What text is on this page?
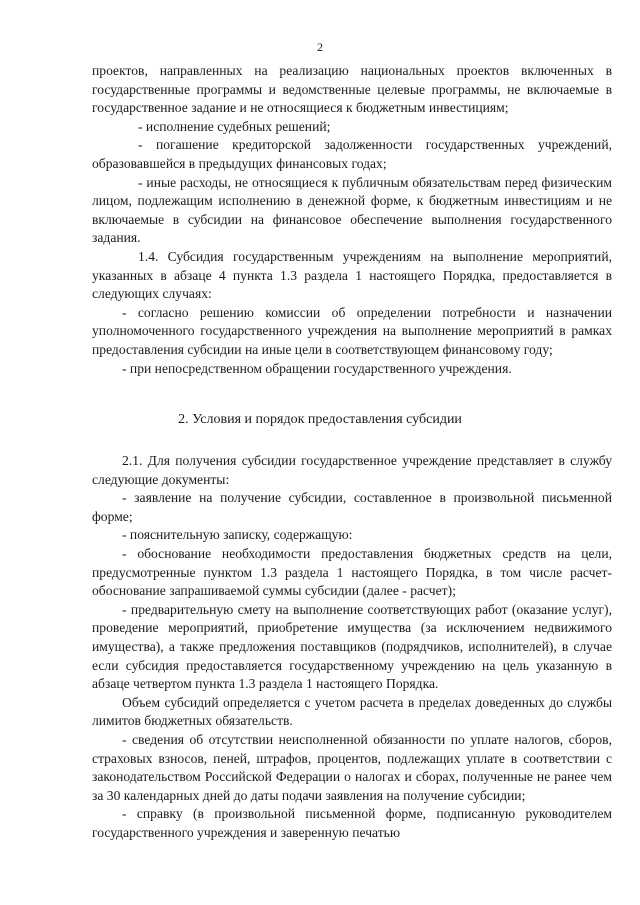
2

проектов, направленных на реализацию национальных проектов включенных в государственные программы и ведомственные целевые программы, не включаемые в государственное задание и не относящиеся к бюджетным инвестициям;

- исполнение судебных решений;

- погашение кредиторской задолженности государственных учреждений, образовавшейся в предыдущих финансовых годах;

- иные расходы, не относящиеся к публичным обязательствам перед физическим лицом, подлежащим исполнению в денежной форме, к бюджетным инвестициям и не включаемые в субсидии на финансовое обеспечение выполнения государственного задания.

1.4. Субсидия государственным учреждениям на выполнение мероприятий, указанных в абзаце 4 пункта 1.3 раздела 1 настоящего Порядка, предоставляется в следующих случаях:

- согласно решению комиссии об определении потребности и назначении уполномоченного государственного учреждения на выполнение мероприятий в рамках предоставления субсидии на иные цели в соответствующем финансовому году;

- при непосредственном обращении государственного учреждения.

2. Условия и порядок предоставления субсидии

2.1. Для получения субсидии государственное учреждение представляет в службу следующие документы:

- заявление на получение субсидии, составленное в произвольной письменной форме;

- пояснительную записку, содержащую:

- обоснование необходимости предоставления бюджетных средств на цели, предусмотренные пунктом 1.3 раздела 1 настоящего Порядка, в том числе расчет-обоснование запрашиваемой суммы субсидии (далее - расчет);

- предварительную смету на выполнение соответствующих работ (оказание услуг), проведение мероприятий, приобретение имущества (за исключением недвижимого имущества), а также предложения поставщиков (подрядчиков, исполнителей), в случае если субсидия предоставляется государственному учреждению на цель указанную в абзаце четвертом пункта 1.3 раздела 1 настоящего Порядка.

Объем субсидий определяется с учетом расчета в пределах доведенных до службы лимитов бюджетных обязательств.

- сведения об отсутствии неисполненной обязанности по уплате налогов, сборов, страховых взносов, пеней, штрафов, процентов, подлежащих уплате в соответствии с законодательством Российской Федерации о налогах и сборах, полученные не ранее чем за 30 календарных дней до даты подачи заявления на получение субсидии;

- справку (в произвольной письменной форме, подписанную руководителем государственного учреждения и заверенную печатью
